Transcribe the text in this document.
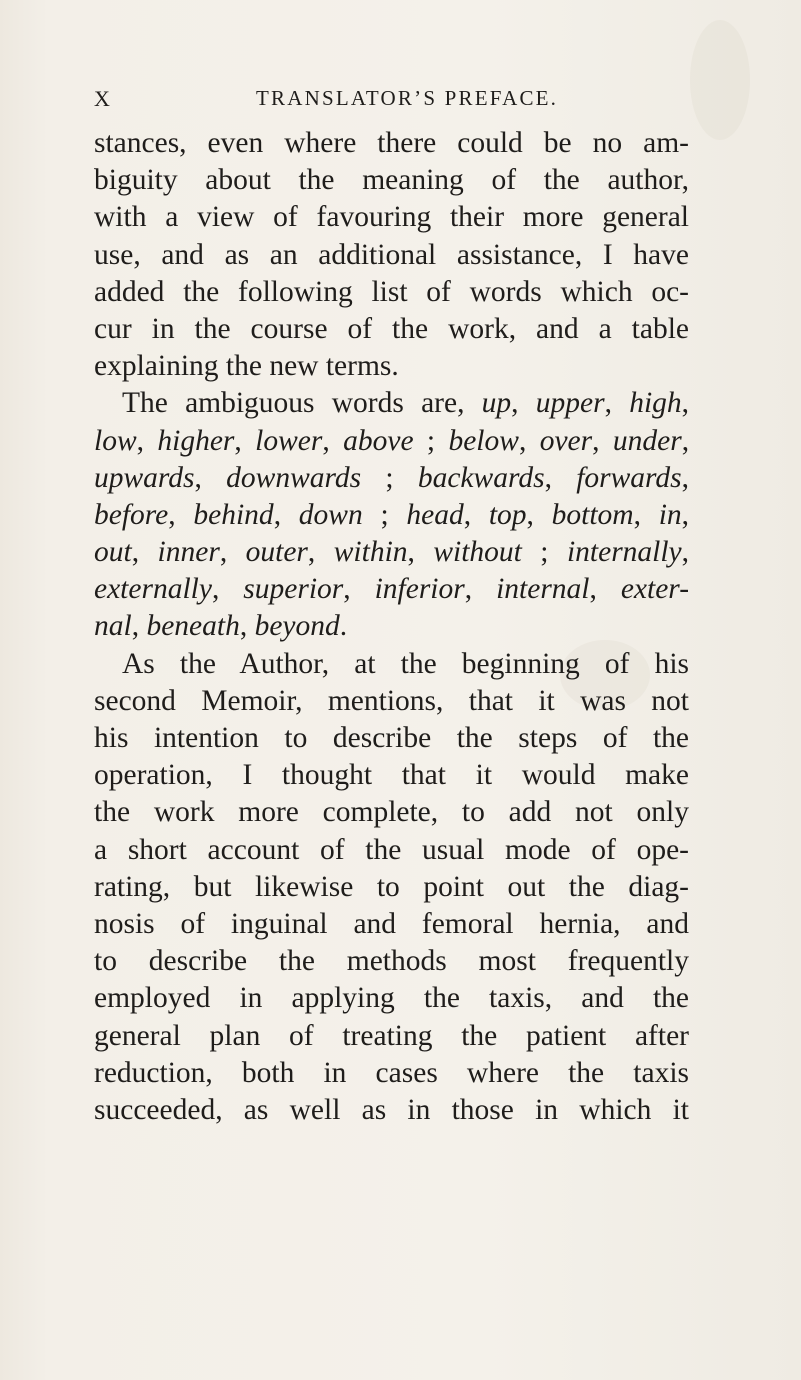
X	TRANSLATOR’S PREFACE.
stances, even where there could be no am-
biguity about the meaning of the author,
with a view of favouring their more general
use, and as an additional assistance, I have
added the following list of words which oc-
cur in the course of the work, and a table
explaining the new terms.
The ambiguous words are, up, upper, high,
low, higher, lower, above ; below, over, under,
upwards, downwards ; backwards, forwards,
before, behind, down ; head, top, bottom, in,
out, inner, outer, within, without ; internally,
externally, superior, inferior, internal, exter-
nal, beneath, beyond.
As the Author, at the beginning of his
second Memoir, mentions, that it was not
his intention to describe the steps of the
operation, I thought that it would make
the work more complete, to add not only
a short account of the usual mode of ope-
rating, but likewise to point out the diag-
nosis of inguinal and femoral hernia, and
to describe the methods most frequently
employed in applying the taxis, and the
general plan of treating the patient after
reduction, both in cases where the taxis
succeeded, as well as in those in which it
